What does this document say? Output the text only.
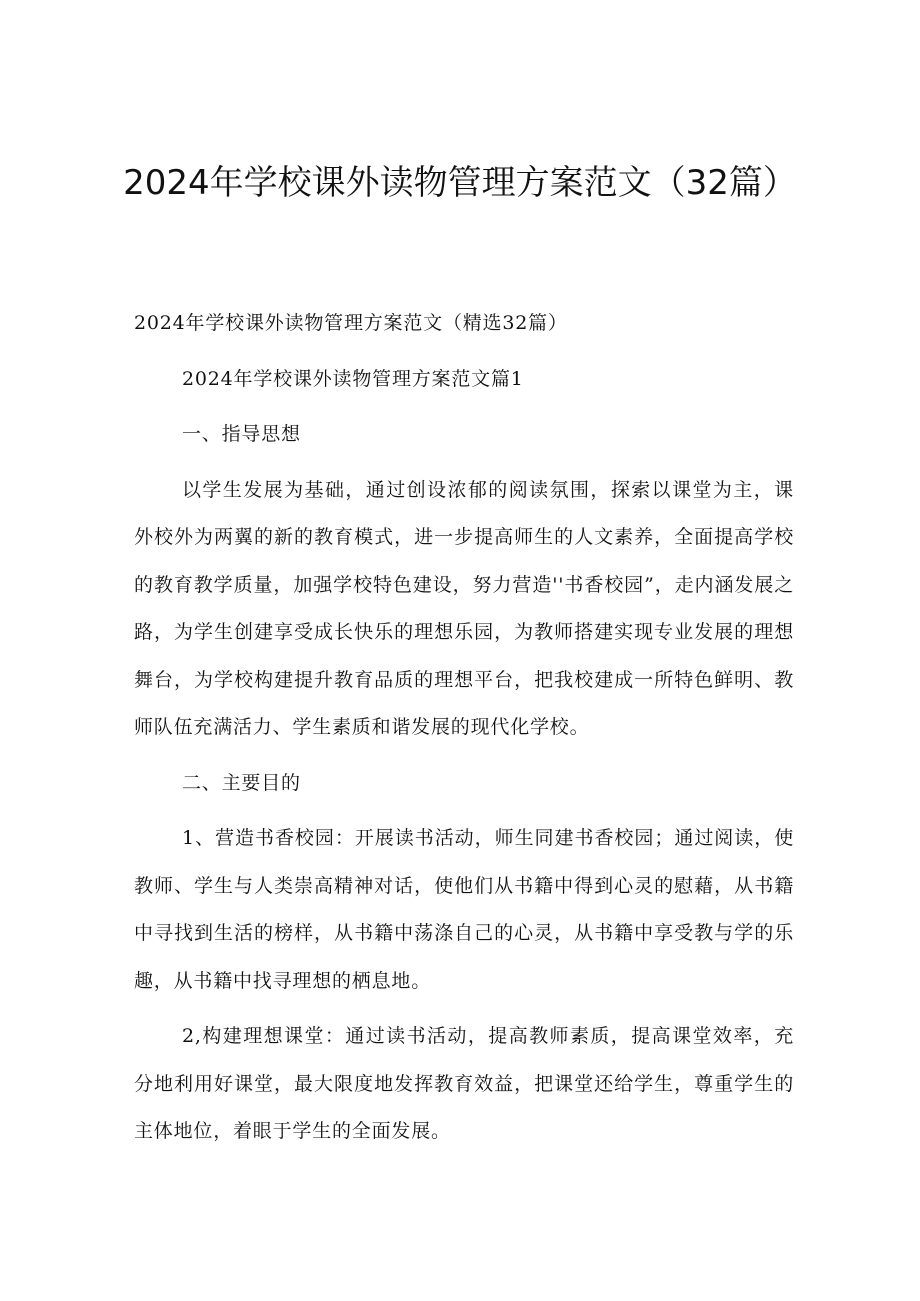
2024年学校课外读物管理方案范文（32篇）

2024年学校课外读物管理方案范文（精选32篇）

2024年学校课外读物管理方案范文篇1

一、指导思想

以学生发展为基础，通过创设浓郁的阅读氛围，探索以课堂为主，课外校外为两翼的新的教育模式，进一步提高师生的人文素养，全面提高学校的教育教学质量，加强学校特色建设，努力营造''书香校园”，走内涵发展之路，为学生创建享受成长快乐的理想乐园，为教师搭建实现专业发展的理想舞台，为学校构建提升教育品质的理想平台，把我校建成一所特色鲜明、教师队伍充满活力、学生素质和谐发展的现代化学校。

二、主要目的

1、营造书香校园：开展读书活动，师生同建书香校园；通过阅读，使教师、学生与人类崇高精神对话，使他们从书籍中得到心灵的慰藉，从书籍中寻找到生活的榜样，从书籍中荡涤自己的心灵，从书籍中享受教与学的乐趣，从书籍中找寻理想的栖息地。

2,构建理想课堂：通过读书活动，提高教师素质，提高课堂效率，充分地利用好课堂，最大限度地发挥教育效益，把课堂还给学生，尊重学生的主体地位，着眼于学生的全面发展。
